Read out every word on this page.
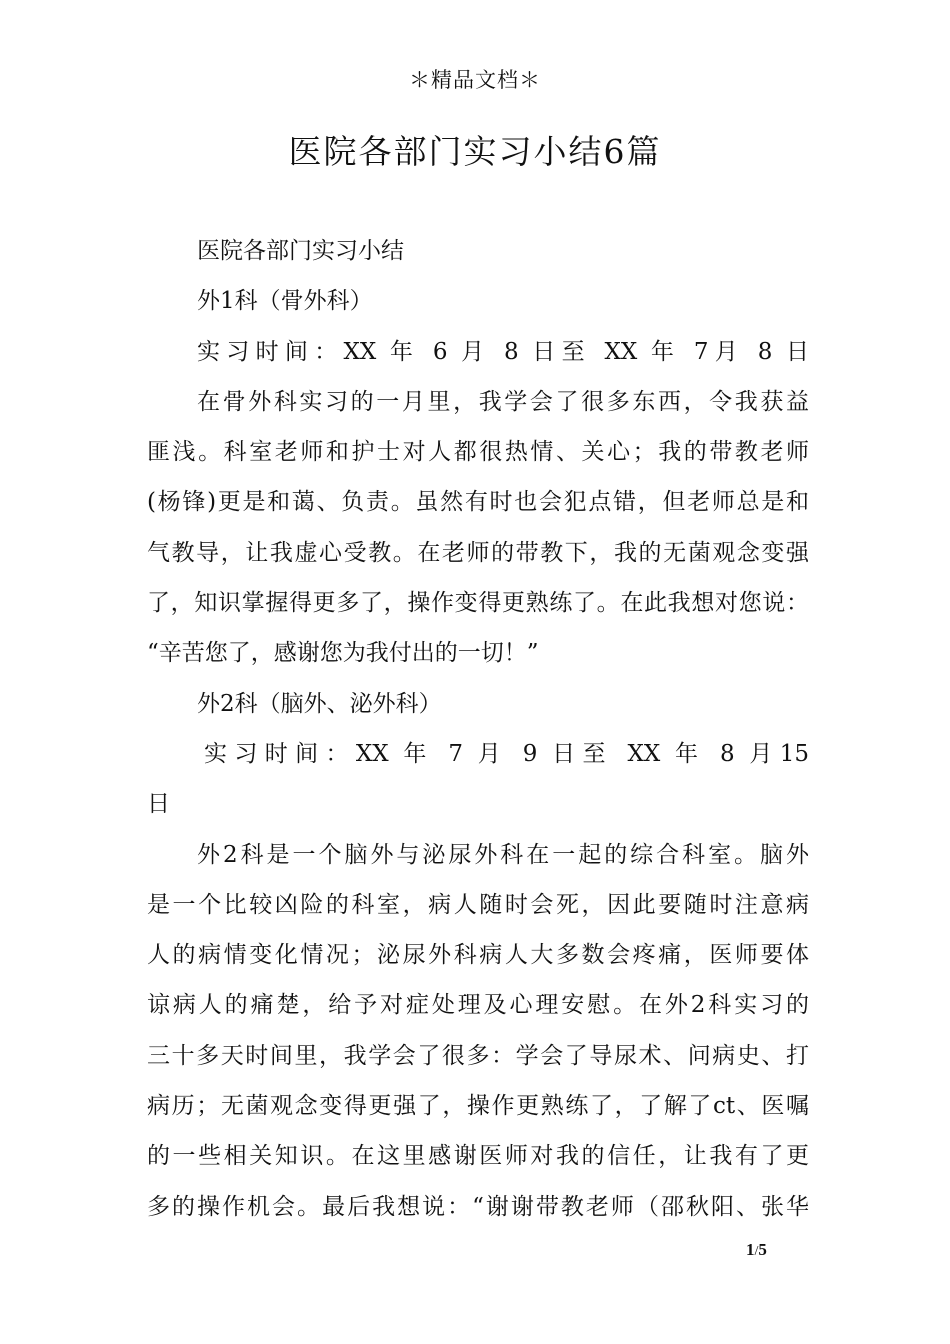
＊精品文档＊
医院各部门实习小结6篇
医院各部门实习小结
外1科（骨外科）
实习时间：XX 年 6 月 8 日至 XX 年 7月 8 日
在骨外科实习的一月里，我学会了很多东西，令我获益
匪浅。科室老师和护士对人都很热情、关心；我的带教老师
(杨锋)更是和蔼、负责。虽然有时也会犯点错，但老师总是和
气教导，让我虚心受教。在老师的带教下，我的无菌观念变强
了，知识掌握得更多了，操作变得更熟练了。在此我想对您说：
“辛苦您了，感谢您为我付出的一切！”
外2科（脑外、泌外科）
实习时间：XX 年 7 月 9 日至 XX 年 8 月15
日
外2科是一个脑外与泌尿外科在一起的综合科室。脑外
是一个比较凶险的科室，病人随时会死，因此要随时注意病
人的病情变化情况；泌尿外科病人大多数会疼痛，医师要体
谅病人的痛楚，给予对症处理及心理安慰。在外2科实习的
三十多天时间里，我学会了很多：学会了导尿术、问病史、打
病历；无菌观念变得更强了，操作更熟练了，了解了ct、医嘱
的一些相关知识。在这里感谢医师对我的信任，让我有了更
多的操作机会。最后我想说：“谢谢带教老师（邵秋阳、张华
1/5
